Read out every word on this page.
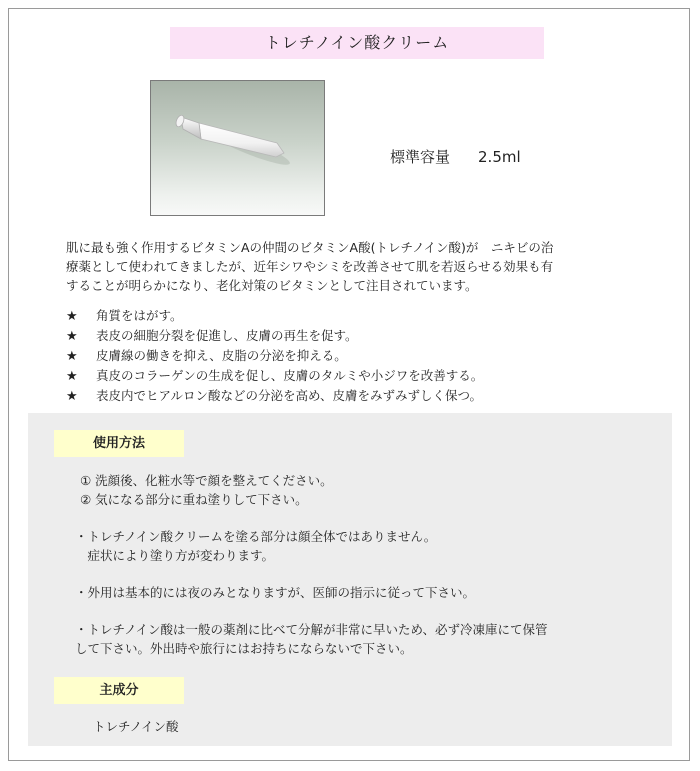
トレチノイン酸クリーム
標準容量 2.5ml

肌に最も強く作用するビタミンAの仲間のビタミンA酸(トレチノイン酸)が　ニキビの治

療薬として使われてきましたが、近年シワやシミを改善させて肌を若返らせる効果も有

することが明らかになり、老化対策のビタミンとして注目されています。

★ 角質をはがす。
★ 表皮の細胞分裂を促進し、皮膚の再生を促す。
★ 皮膚線の働きを抑え、皮脂の分泌を抑える。
★ 真皮のコラーゲンの生成を促し、皮膚のタルミや小ジワを改善する。
★ 表皮内でヒアルロン酸などの分泌を高め、皮膚をみずみずしく保つ。
使用方法

① 洗顔後、化粧水等で顔を整えてください。

② 気になる部分に重ね塗りして下さい。

・トレチノイン酸クリームを塗る部分は顔全体ではありません。

　症状により塗り方が変わります。

・外用は基本的には夜のみとなりますが、医師の指示に従って下さい。

・トレチノイン酸は一般の薬剤に比べて分解が非常に早いため、必ず冷凍庫にて保管

して下さい。外出時や旅行にはお持ちにならないで下さい。

主成分
トレチノイン酸
